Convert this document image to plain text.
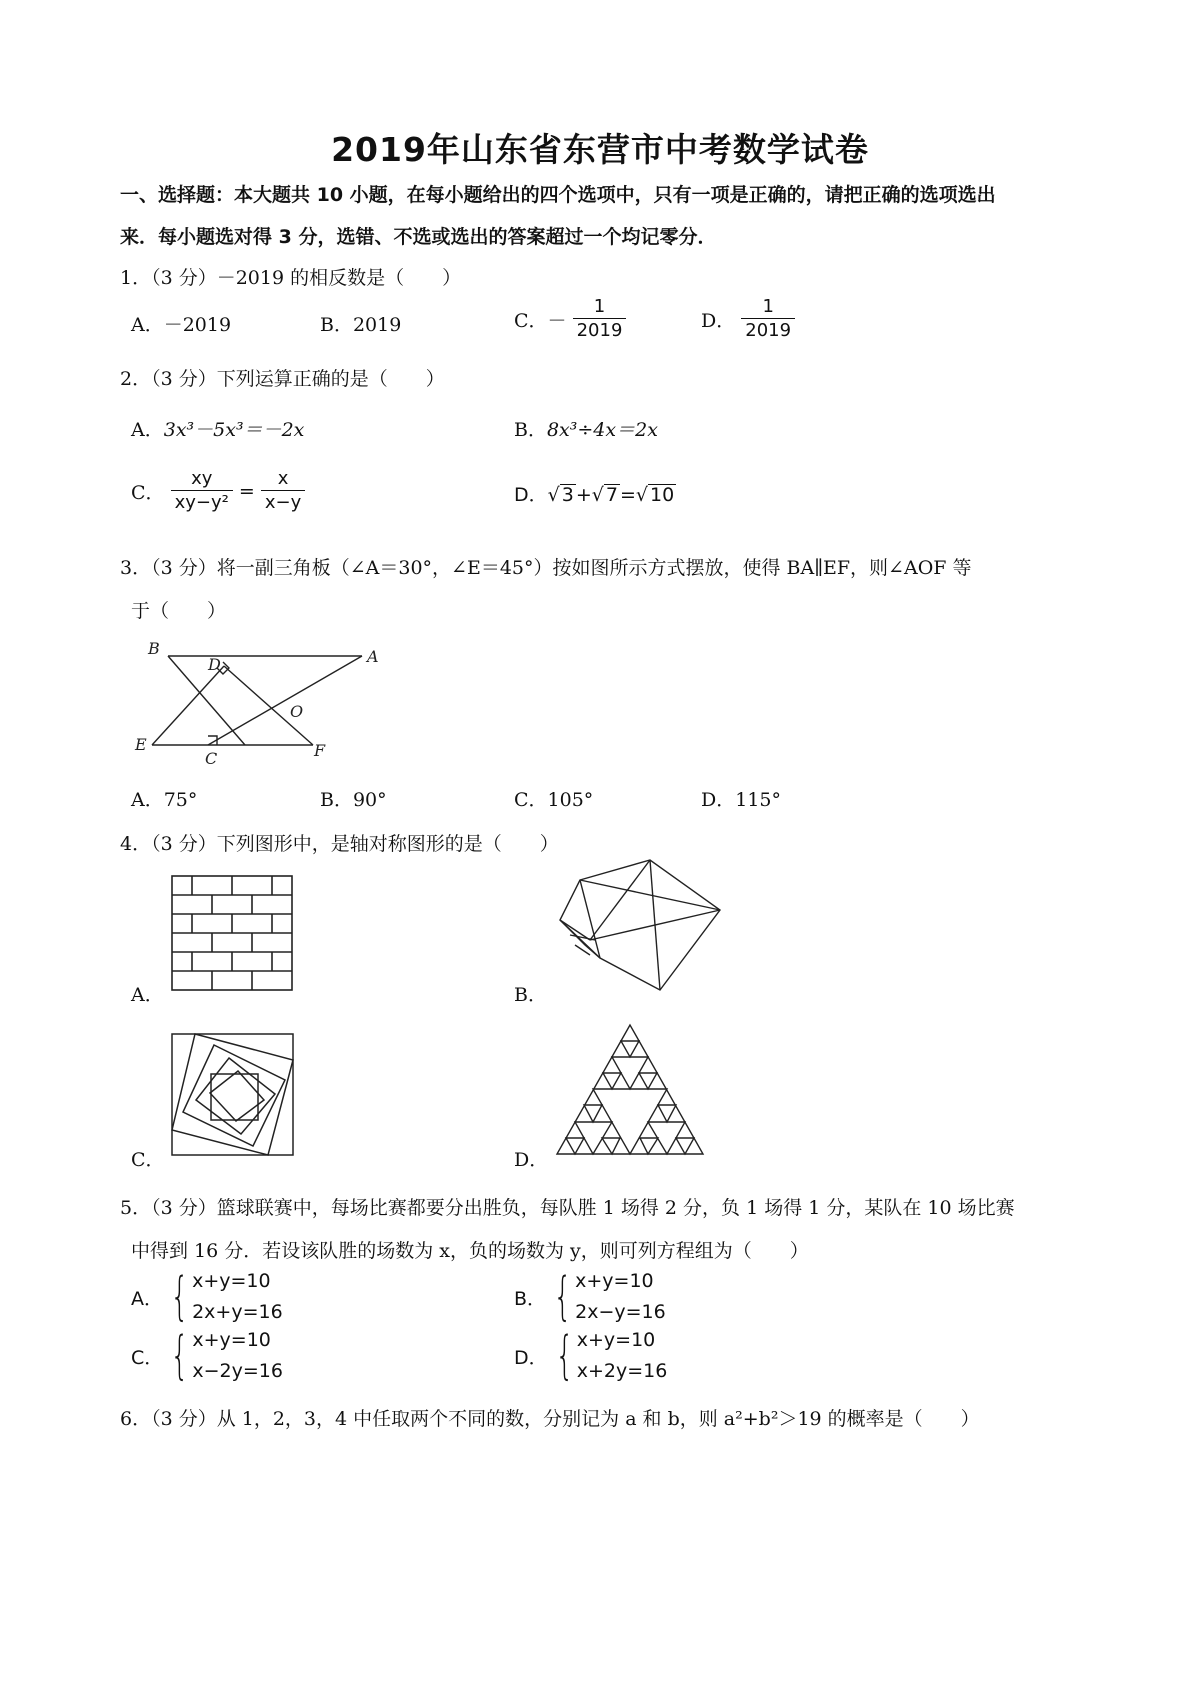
2019年山东省东营市中考数学试卷
一、选择题：本大题共 10 小题，在每小题给出的四个选项中，只有一项是正确的，请把正确的选项选出
来．每小题选对得 3 分，选错、不选或选出的答案超过一个均记零分．
1．（3 分）－2019 的相反数是（　　）
A．－2019	B．2019	C．－ $\frac{1}{2019}$	D． $\frac{1}{2019}$
2．（3 分）下列运算正确的是（　　）
A．3x³－5x³＝－2x	B．8x³÷4x＝2x
C． $\frac{xy}{\text{xy−y²}} = \frac{x}{x-y}$	D．√ 3 +√ 7 =√ 10
3．（3 分）将一副三角板（∠A＝30°，∠E＝45°）按如图所示方式摆放，使得 BA∥EF，则∠AOF 等
于（　　）
B	A
D
O
E
C	F
A．75°	B．90°	C．105°	D．115°
4．（3 分）下列图形中，是轴对称图形的是（　　）
A．	B．
C．	D．
5．（3 分）篮球联赛中，每场比赛都要分出胜负，每队胜 1 场得 2 分，负 1 场得 1 分，某队在 10 场比赛
中得到 16 分．若设该队胜的场数为 x，负的场数为 y，则可列方程组为（　　）
A． { x+y=10
2x+y=16
B． { x+y=10
2x−y=16
C． { x+y=10
x−2y=16
D． { x+y=10
x+2y=16
6．（3 分）从 1，2，3，4 中任取两个不同的数，分别记为 a 和 b，则 a²+b²＞19 的概率是（　　）
